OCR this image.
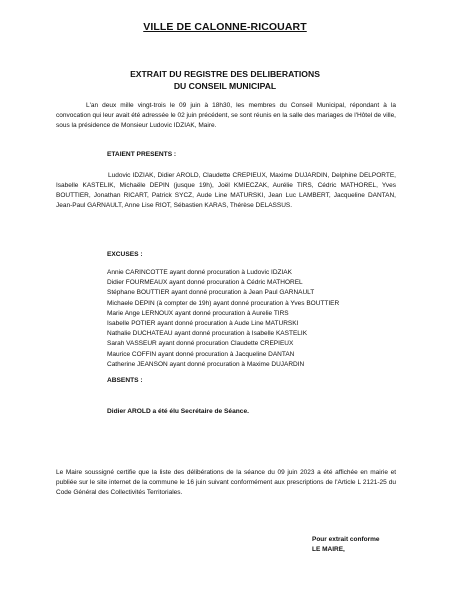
VILLE DE CALONNE-RICOUART
EXTRAIT DU REGISTRE DES DELIBERATIONS
DU CONSEIL MUNICIPAL

L'an deux mille vingt-trois le 09 juin à 18h30, les membres du Conseil Municipal, répondant à la convocation qui leur avait été adressée le 02 juin précédent, se sont réunis en la salle des mariages de l'Hôtel de ville, sous la présidence de Monsieur Ludovic IDZIAK, Maire.

ETAIENT PRESENTS :

Ludovic IDZIAK, Didier AROLD, Claudette CREPIEUX, Maxime DUJARDIN, Delphine DELPORTE, Isabelle KASTELIK, Michaële DEPIN (jusque 19h), Joël KMIECZAK, Aurélie TIRS, Cédric MATHOREL, Yves BOUTTIER, Jonathan RICART, Patrick SYCZ, Aude Line MATURSKI, Jean Luc LAMBERT, Jacqueline DANTAN, Jean-Paul GARNAULT, Anne Lise RIOT, Sébastien KARAS, Thérèse DELASSUS.

EXCUSES :

Annie CARINCOTTE ayant donné procuration à Ludovic IDZIAK
Didier FOURMEAUX ayant donné procuration à Cédric MATHOREL
Stéphane BOUTTIER ayant donné procuration à Jean Paul GARNAULT
Michaele DEPIN (à compter de 19h) ayant donné procuration à Yves BOUTTIER
Marie Ange LERNOUX ayant donné procuration à Aurelie TIRS
Isabelle POTIER ayant donné procuration à Aude Line MATURSKI
Nathalie DUCHATEAU ayant donné procuration à Isabelle KASTELIK
Sarah VASSEUR ayant donné procuration Claudette CREPIEUX
Maurice COFFIN ayant donné procuration à Jacqueline DANTAN
Catherine JEANSON ayant donné procuration à Maxime DUJARDIN

ABSENTS :

Didier AROLD a été élu Secrétaire de Séance.

Le Maire soussigné certifie que la liste des délibérations de la séance du 09 juin 2023 a été affichée en mairie et publiée sur le site internet de la commune le 16 juin suivant conformément aux prescriptions de l'Article L 2121-25 du Code Général des Collectivités Territoriales.

Pour extrait conforme

LE MAIRE,
